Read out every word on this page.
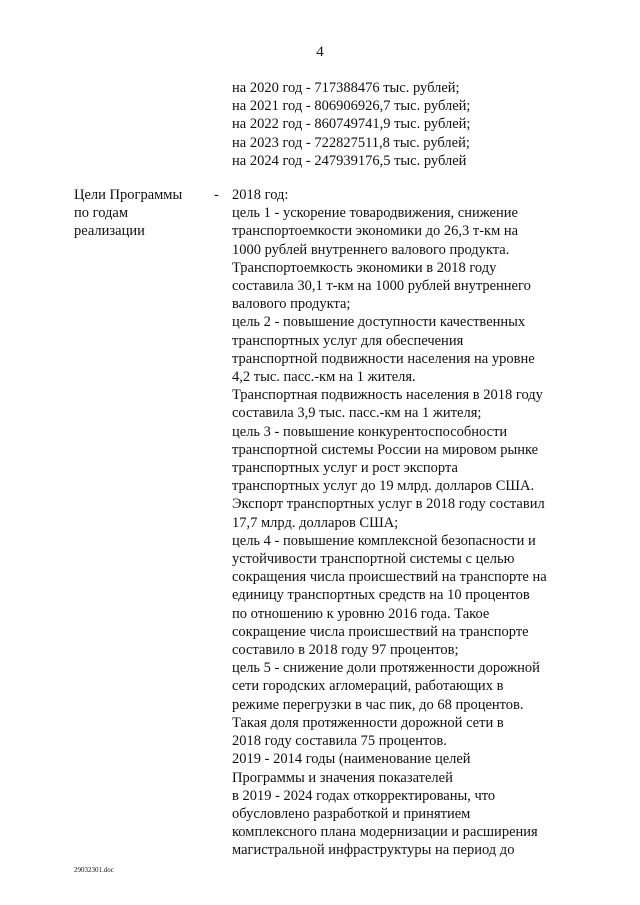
4
на 2020 год - 717388476 тыс. рублей;
на 2021 год - 806906926,7 тыс. рублей;
на 2022 год - 860749741,9 тыс. рублей;
на 2023 год - 722827511,8 тыс. рублей;
на 2024 год - 247939176,5 тыс. рублей
Цели Программы
по годам
реализации
- 2018 год:
цель 1 - ускорение товародвижения, снижение
транспортоемкости экономики до 26,3 т-км на
1000 рублей внутреннего валового продукта.
Транспортоемкость экономики в 2018 году
составила 30,1 т-км на 1000 рублей внутреннего
валового продукта;
цель 2 - повышение доступности качественных
транспортных услуг для обеспечения
транспортной подвижности населения на уровне
4,2 тыс. пасс.-км на 1 жителя.
Транспортная подвижность населения в 2018 году
составила 3,9 тыс. пасс.-км на 1 жителя;
цель 3 - повышение конкурентоспособности
транспортной системы России на мировом рынке
транспортных услуг и рост экспорта
транспортных услуг до 19 млрд. долларов США.
Экспорт транспортных услуг в 2018 году составил
17,7 млрд. долларов США;
цель 4 - повышение комплексной безопасности и
устойчивости транспортной системы с целью
сокращения числа происшествий на транспорте на
единицу транспортных средств на 10 процентов
по отношению к уровню 2016 года. Такое
сокращение числа происшествий на транспорте
составило в 2018 году 97 процентов;
цель 5 - снижение доли протяженности дорожной
сети городских агломераций, работающих в
режиме перегрузки в час пик, до 68 процентов.
Такая доля протяженности дорожной сети в
2018 году составила 75 процентов.
2019 - 2014 годы (наименование целей
Программы и значения показателей
в 2019 - 2024 годах откорректированы, что
обусловлено разработкой и принятием
комплексного плана модернизации и расширения
магистральной инфраструктуры на период до
29032301.doc
